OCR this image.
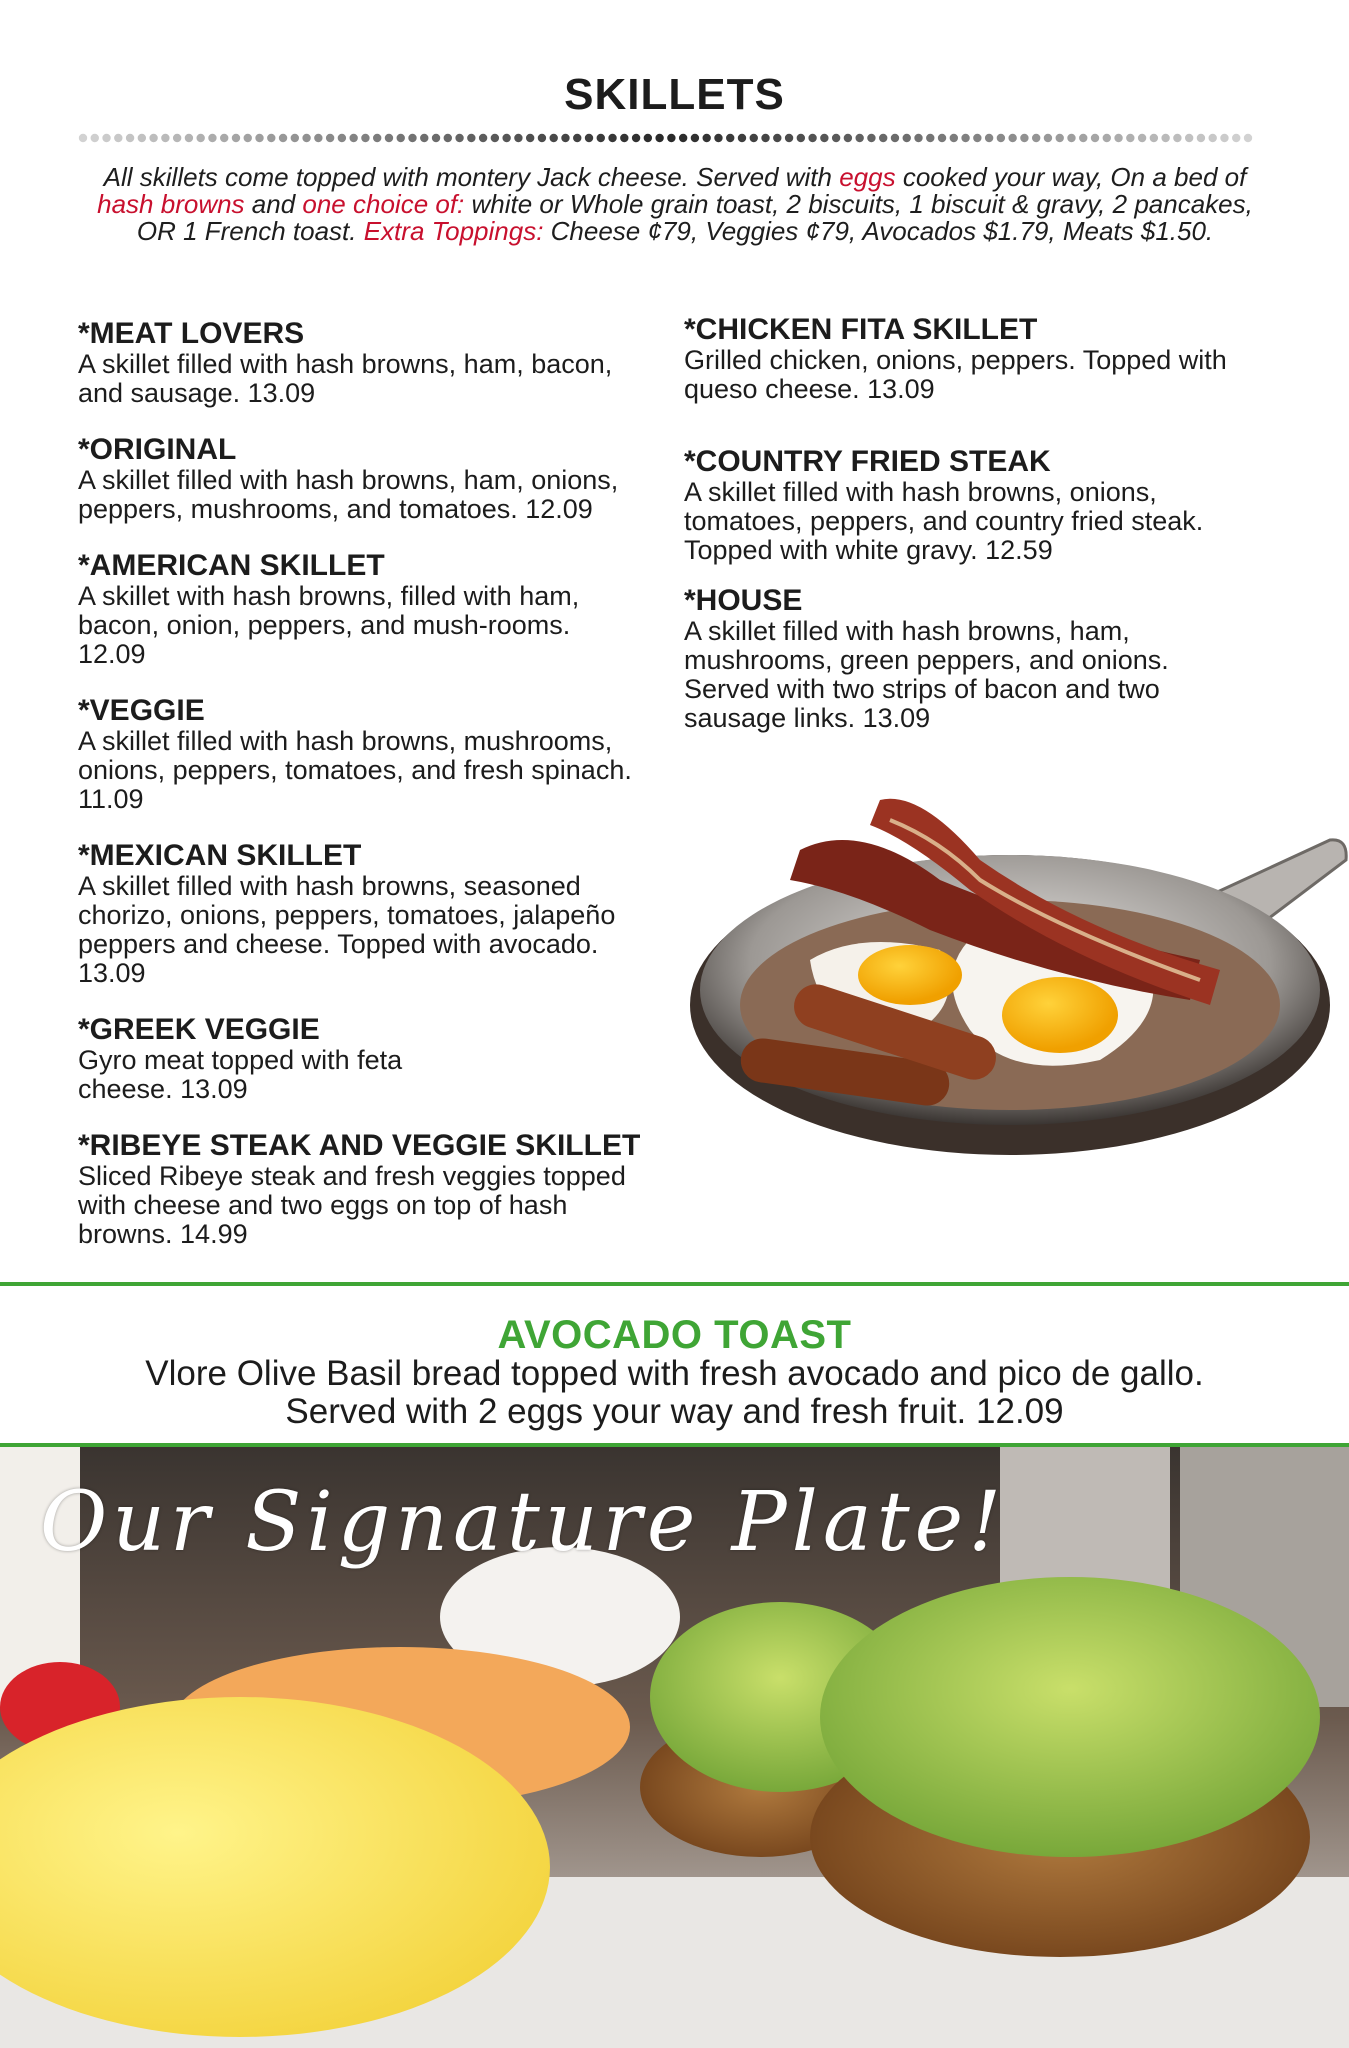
SKILLETS
All skillets come topped with montery Jack cheese. Served with eggs cooked your way, On a bed of hash browns and one choice of: white or Whole grain toast, 2 biscuits, 1 biscuit & gravy, 2 pancakes, OR 1 French toast. Extra Toppings: Cheese ¢79, Veggies ¢79, Avocados $1.79, Meats $1.50.
*MEAT LOVERS
A skillet filled with hash browns, ham, bacon, and sausage. 13.09
*ORIGINAL
A skillet filled with hash browns, ham, onions, peppers, mushrooms, and tomatoes. 12.09
*AMERICAN SKILLET
A skillet with hash browns, filled with ham, bacon, onion, peppers, and mush-rooms. 12.09
*VEGGIE
A skillet filled with hash browns, mushrooms, onions, peppers, tomatoes, and fresh spinach. 11.09
*MEXICAN SKILLET
A skillet filled with hash browns, seasoned chorizo, onions, peppers, tomatoes, jalapeño peppers and cheese. Topped with avocado. 13.09
*GREEK VEGGIE
Gyro meat topped with feta cheese. 13.09
*RIBEYE STEAK AND VEGGIE SKILLET
Sliced Ribeye steak and fresh veggies topped with cheese and two eggs on top of hash browns. 14.99
*CHICKEN FITA SKILLET
Grilled chicken, onions, peppers. Topped with queso cheese. 13.09
*COUNTRY FRIED STEAK
A skillet filled with hash browns, onions, tomatoes, peppers, and country fried steak. Topped with white gravy. 12.59
*HOUSE
A skillet filled with hash browns, ham, mushrooms, green peppers, and onions. Served with two strips of bacon and two sausage links. 13.09
AVOCADO TOAST
Vlore Olive Basil bread topped with fresh avocado and pico de gallo.
Served with 2 eggs your way and fresh fruit. 12.09
Our Signature Plate!
